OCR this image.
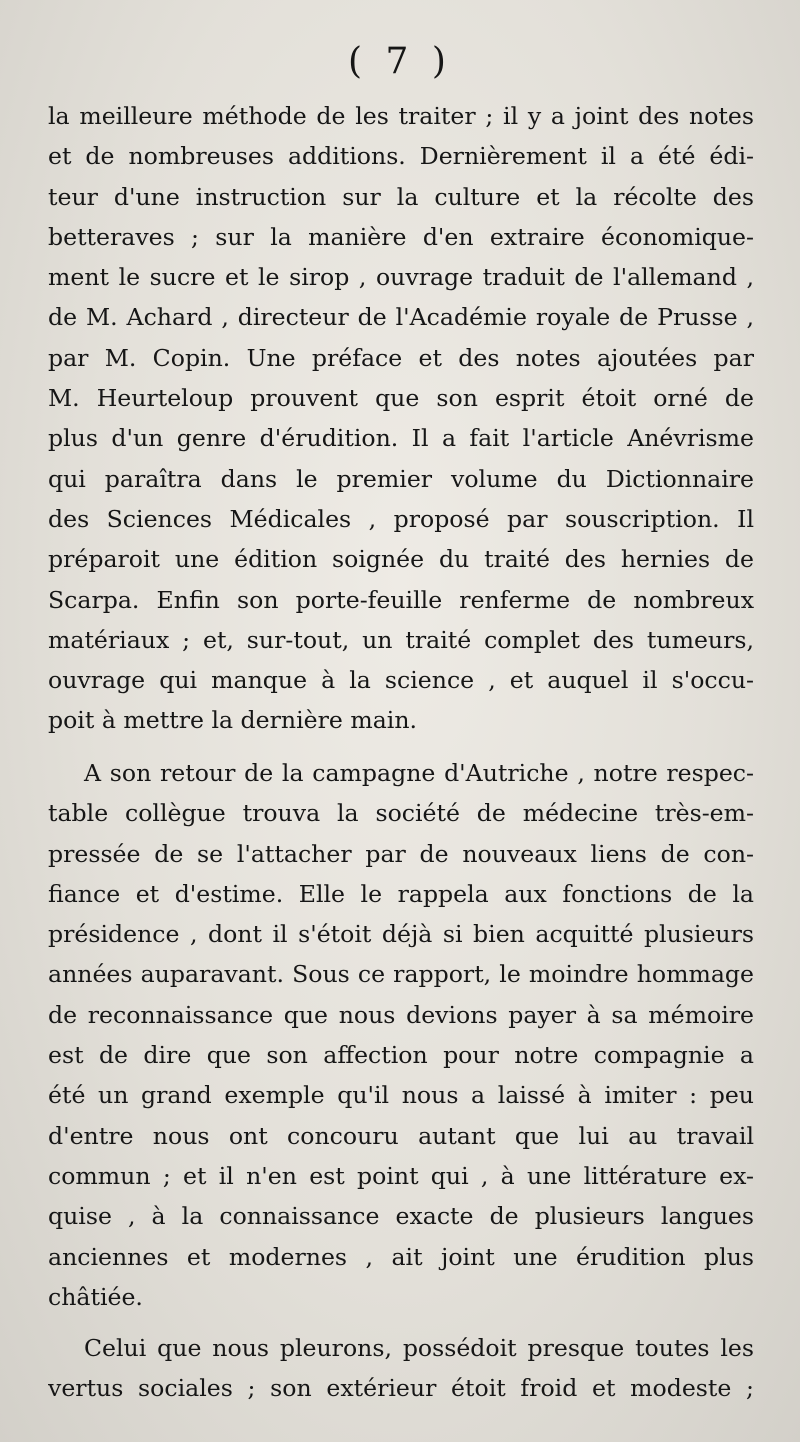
( 7 )
la meilleure méthode de les traiter ; il y a joint des notes
et de nombreuses additions. Dernièrement il a été édi-
teur d'une instruction sur la culture et la récolte des
betteraves ; sur la manière d'en extraire économique-
ment le sucre et le sirop , ouvrage traduit de l'allemand ,
de M. Achard , directeur de l'Académie royale de Prusse ,
par M. Copin. Une préface et des notes ajoutées par
M. Heurteloup prouvent que son esprit étoit orné de
plus d'un genre d'érudition. Il a fait l'article Anévrisme
qui paraîtra dans le premier volume du Dictionnaire
des Sciences Médicales , proposé par souscription. Il
préparoit une édition soignée du traité des hernies de
Scarpa. Enfin son porte-feuille renferme de nombreux
matériaux ; et, sur-tout, un traité complet des tumeurs,
ouvrage qui manque à la science , et auquel il s'occu-
poit à mettre la dernière main.
A son retour de la campagne d'Autriche , notre respec-
table collègue trouva la société de médecine très-em-
pressée de se l'attacher par de nouveaux liens de con-
fiance et d'estime. Elle le rappela aux fonctions de la
présidence , dont il s'étoit déjà si bien acquitté plusieurs
années auparavant. Sous ce rapport, le moindre hommage
de reconnaissance que nous devions payer à sa mémoire
est de dire que son affection pour notre compagnie a
été un grand exemple qu'il nous a laissé à imiter : peu
d'entre nous ont concouru autant que lui au travail
commun ; et il n'en est point qui , à une littérature ex-
quise , à la connaissance exacte de plusieurs langues
anciennes et modernes , ait joint une érudition plus
châtiée.
Celui que nous pleurons, possédoit presque toutes les
vertus sociales ; son extérieur étoit froid et modeste ;
